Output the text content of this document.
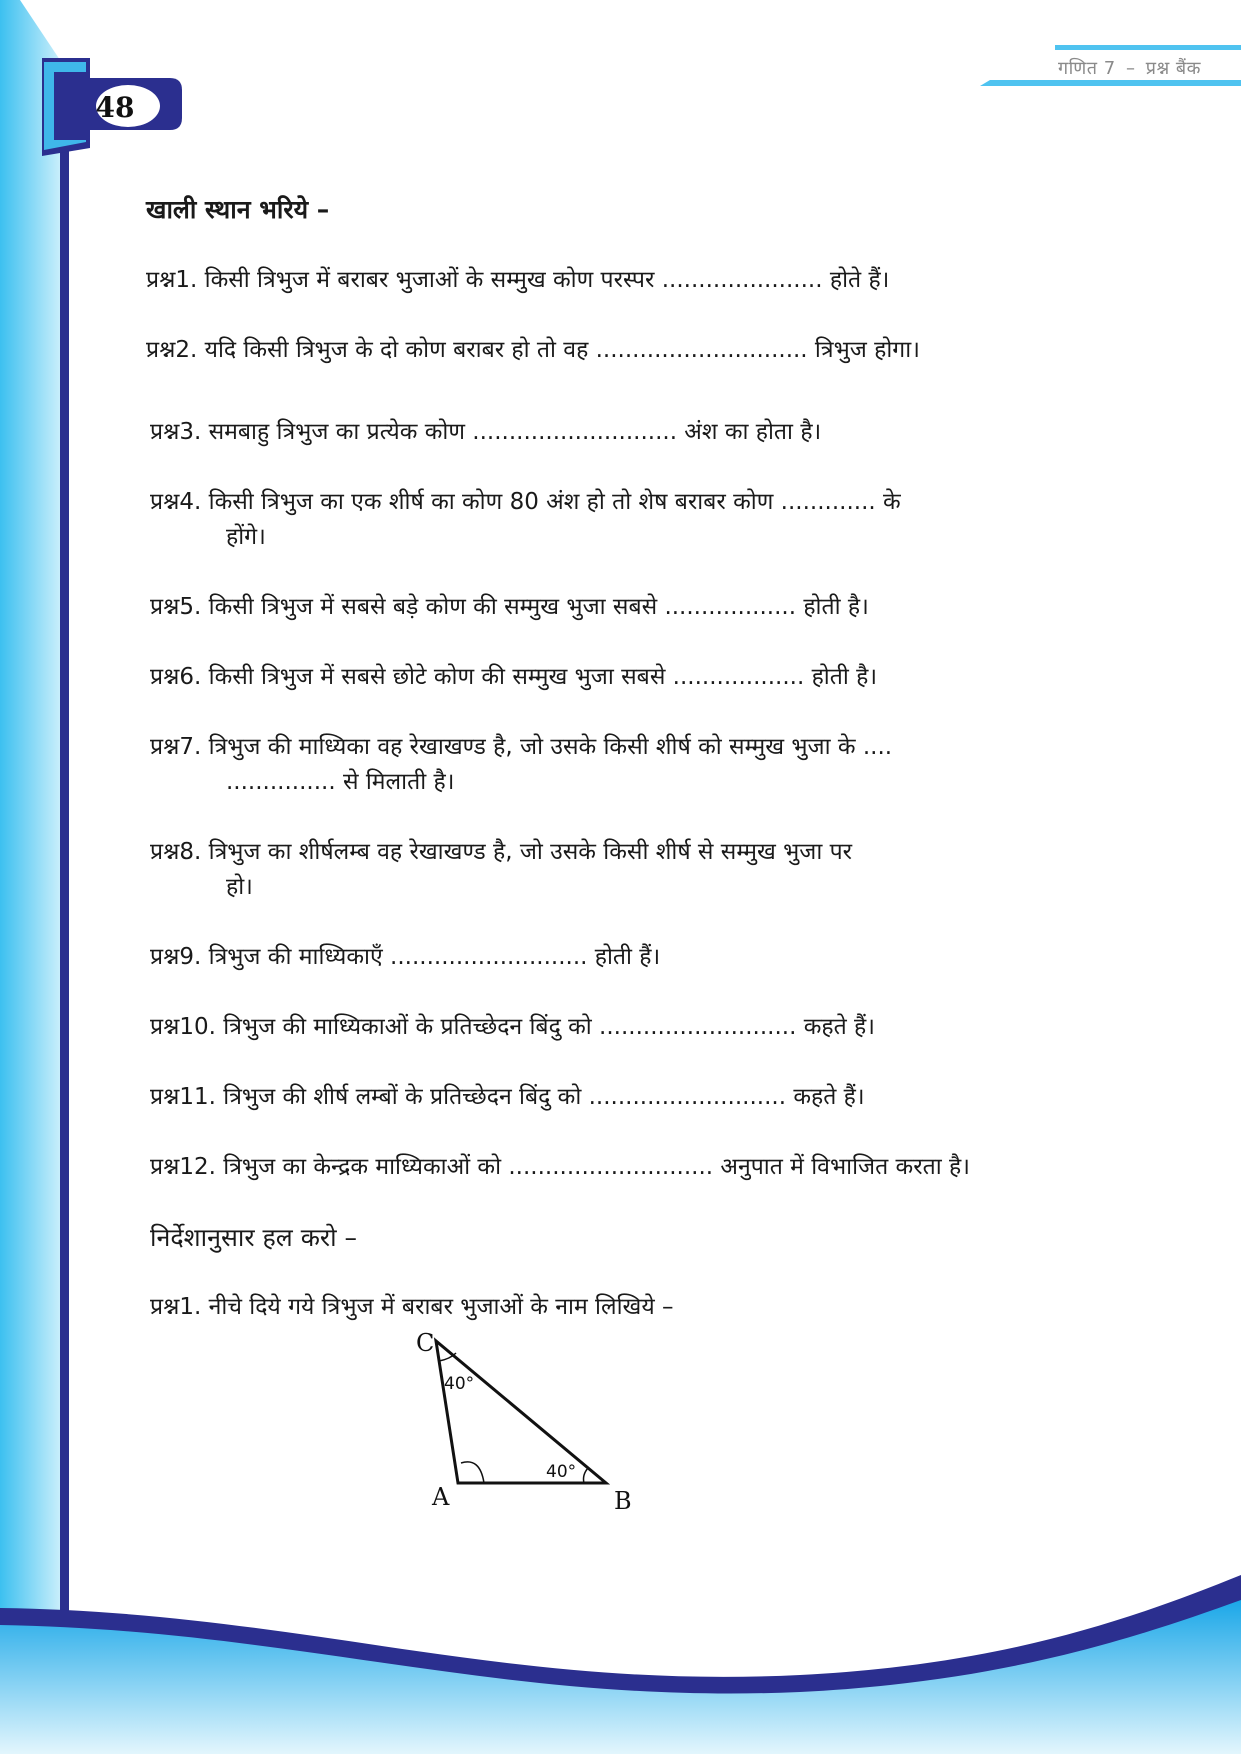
48
गणित 7 – प्रश्न बैंक
खाली स्थान भरिये –
प्रश्न1. किसी त्रिभुज में बराबर भुजाओं के सम्मुख कोण परस्पर ...................... होते हैं।
प्रश्न2. यदि किसी त्रिभुज के दो कोण बराबर हो तो वह ............................. त्रिभुज होगा।
प्रश्न3. समबाहु त्रिभुज का प्रत्येक कोण ............................ अंश का होता है।
प्रश्न4. किसी त्रिभुज का एक शीर्ष का कोण 80 अंश हो तो शेष बराबर कोण ............. के
होंगे।
प्रश्न5. किसी त्रिभुज में सबसे बड़े कोण की सम्मुख भुजा सबसे .................. होती है।
प्रश्न6. किसी त्रिभुज में सबसे छोटे कोण की सम्मुख भुजा सबसे .................. होती है।
प्रश्न7. त्रिभुज की माध्यिका वह रेखाखण्ड है, जो उसके किसी शीर्ष को सम्मुख भुजा के ....
............... से मिलाती है।
प्रश्न8. त्रिभुज का शीर्षलम्ब वह रेखाखण्ड है, जो उसके किसी शीर्ष से सम्मुख भुजा पर
हो।
प्रश्न9. त्रिभुज की माध्यिकाएँ ........................... होती हैं।
प्रश्न10. त्रिभुज की माध्यिकाओं के प्रतिच्छेदन बिंदु को ........................... कहते हैं।
प्रश्न11. त्रिभुज की शीर्ष लम्बों के प्रतिच्छेदन बिंदु को ........................... कहते हैं।
प्रश्न12. त्रिभुज का केन्द्रक माध्यिकाओं को ............................ अनुपात में विभाजित करता है।
निर्देशानुसार हल करो –
प्रश्न1. नीचे दिये गये त्रिभुज में बराबर भुजाओं के नाम लिखिये –
C
A	B
40°
40°
